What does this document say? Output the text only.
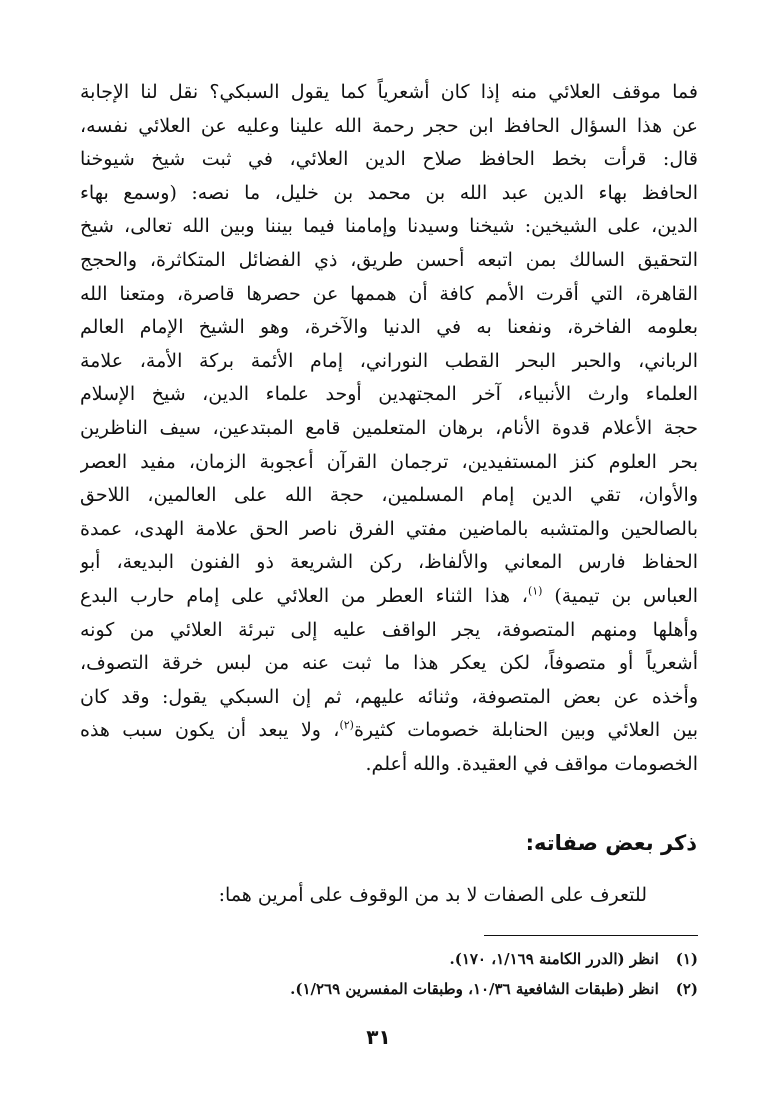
فما موقف العلائي منه إذا كان أشعرياً كما يقول السبكي؟ نقل لنا الإجابة
عن هذا السؤال الحافظ ابن حجر رحمة الله علينا وعليه عن العلائي نفسه،
قال: قرأت بخط الحافظ صلاح الدين العلائي، في ثبت شيخ شيوخنا
الحافظ بهاء الدين عبد الله بن محمد بن خليل، ما نصه: (وسمع بهاء
الدين، على الشيخين: شيخنا وسيدنا وإمامنا فيما بيننا وبين الله تعالى، شيخ
التحقيق السالك بمن اتبعه أحسن طريق، ذي الفضائل المتكاثرة، والحجج
القاهرة، التي أقرت الأمم كافة أن هممها عن حصرها قاصرة، ومتعنا الله
بعلومه الفاخرة، ونفعنا به في الدنيا والآخرة، وهو الشيخ الإمام العالم
الرباني، والحبر البحر القطب النوراني، إمام الأئمة بركة الأمة، علامة
العلماء وارث الأنبياء، آخر المجتهدين أوحد علماء الدين، شيخ الإسلام
حجة الأعلام قدوة الأنام، برهان المتعلمين قامع المبتدعين، سيف الناظرين
بحر العلوم كنز المستفيدين، ترجمان القرآن أعجوبة الزمان، مفيد العصر
والأوان، تقي الدين إمام المسلمين، حجة الله على العالمين، اللاحق
بالصالحين والمتشبه بالماضين مفتي الفرق ناصر الحق علامة الهدى، عمدة
الحفاظ فارس المعاني والألفاظ، ركن الشريعة ذو الفنون البديعة، أبو
العباس بن تيمية) $^{(١)}$، هذا الثناء العطر من العلائي على إمام حارب البدع
وأهلها ومنهم المتصوفة، يجر الواقف عليه إلى تبرئة العلائي من كونه
أشعرياً أو متصوفاً، لكن يعكر هذا ما ثبت عنه من لبس خرقة التصوف،
وأخذه عن بعض المتصوفة، وثنائه عليهم، ثم إن السبكي يقول: وقد كان
بين العلائي وبين الحنابلة خصومات كثيرة$^{(٢)}$، ولا يبعد أن يكون سبب هذه
الخصومات مواقف في العقيدة. والله أعلم.
ذكر بعض صفاته:
للتعرف على الصفات لا بد من الوقوف على أمرين هما:
(١) انظر (الدرر الكامنة ١/١٦٩، ١٧٠).
(٢) انظر (طبقات الشافعية ١٠/٣٦، وطبقات المفسرين ١/٢٦٩).
٣١
